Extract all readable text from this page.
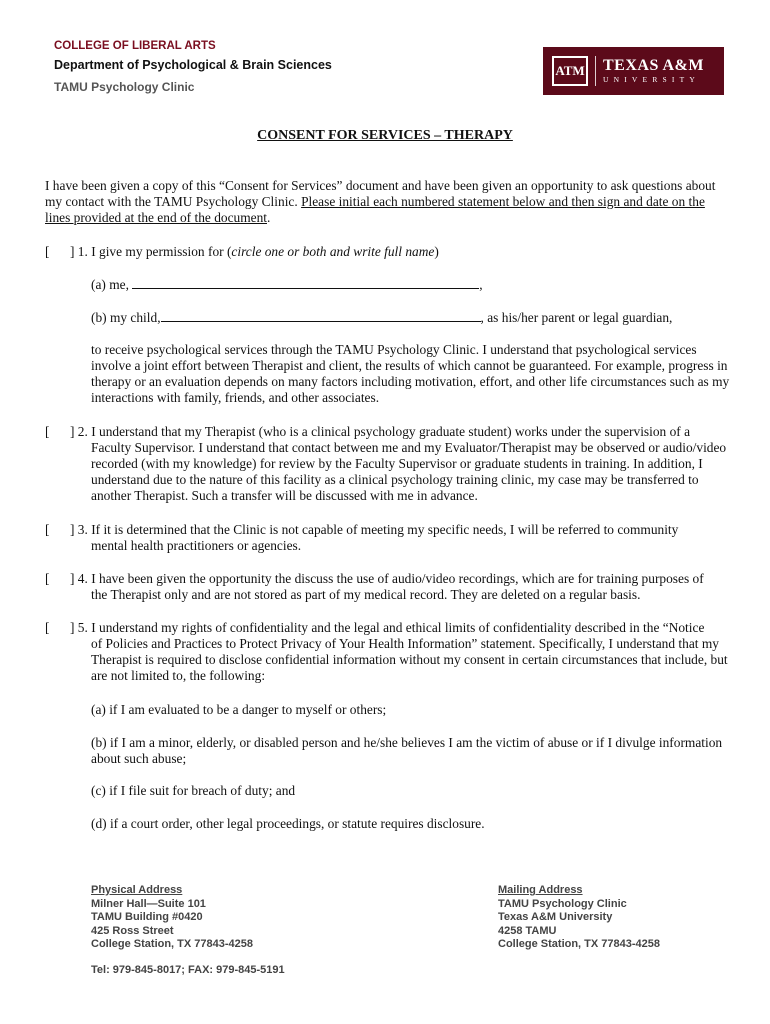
COLLEGE OF LIBERAL ARTS
Department of Psychological & Brain Sciences
TAMU Psychology Clinic
ATM TEXAS A&M
UNIVERSITY
CONSENT FOR SERVICES – THERAPY
I have been given a copy of this “Consent for Services” document and have been given an opportunity to ask questions about my contact with the TAMU Psychology Clinic. Please initial each numbered statement below and then sign and date on the lines provided at the end of the document.
[ ] 1. I give my permission for (circle one or both and write full name)
(a) me,	,
(b) my child,	, as his/her parent or legal guardian,
to receive psychological services through the TAMU Psychology Clinic. I understand that psychological services involve a joint effort between Therapist and client, the results of which cannot be guaranteed. For example, progress in therapy or an evaluation depends on many factors including motivation, effort, and other life circumstances such as my interactions with family, friends, and other associates.
[ ] 2. I understand that my Therapist (who is a clinical psychology graduate student) works under the supervision of a
Faculty Supervisor. I understand that contact between me and my Evaluator/Therapist may be observed or audio/video recorded (with my knowledge) for review by the Faculty Supervisor or graduate students in training. In addition, I understand due to the nature of this facility as a clinical psychology training clinic, my case may be transferred to another Therapist. Such a transfer will be discussed with me in advance.
[ ] 3. If it is determined that the Clinic is not capable of meeting my specific needs, I will be referred to community
mental health practitioners or agencies.
[ ] 4. I have been given the opportunity the discuss the use of audio/video recordings, which are for training purposes of
the Therapist only and are not stored as part of my medical record. They are deleted on a regular basis.
[ ] 5. I understand my rights of confidentiality and the legal and ethical limits of confidentiality described in the “Notice
of Policies and Practices to Protect Privacy of Your Health Information” statement. Specifically, I understand that my Therapist is required to disclose confidential information without my consent in certain circumstances that include, but are not limited to, the following:
(a) if I am evaluated to be a danger to myself or others;
(b) if I am a minor, elderly, or disabled person and he/she believes I am the victim of abuse or if I divulge information about such abuse;
(c) if I file suit for breach of duty; and
(d) if a court order, other legal proceedings, or statute requires disclosure.
Physical Address
Milner Hall—Suite 101
TAMU Building #0420
425 Ross Street
College Station, TX 77843-4258
Mailing Address
TAMU Psychology Clinic
Texas A&M University
4258 TAMU
College Station, TX 77843-4258
Tel: 979-845-8017; FAX: 979-845-5191
